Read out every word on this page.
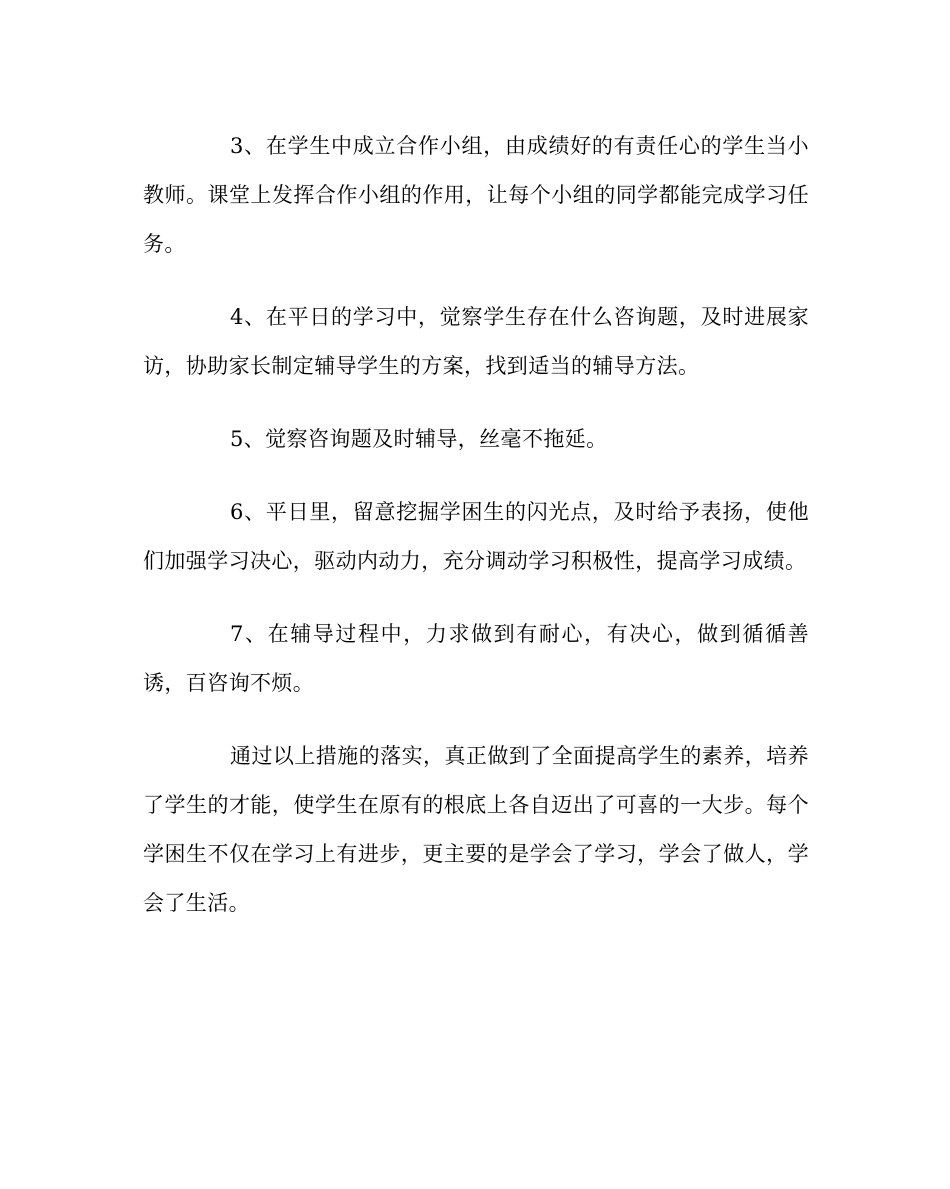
3、在学生中成立合作小组，由成绩好的有责任心的学生当小教师。课堂上发挥合作小组的作用，让每个小组的同学都能完成学习任务。

4、在平日的学习中，觉察学生存在什么咨询题，及时进展家访，协助家长制定辅导学生的方案，找到适当的辅导方法。

5、觉察咨询题及时辅导，丝毫不拖延。

6、平日里，留意挖掘学困生的闪光点，及时给予表扬，使他们加强学习决心，驱动内动力，充分调动学习积极性，提高学习成绩。

7、在辅导过程中，力求做到有耐心，有决心，做到循循善诱，百咨询不烦。

通过以上措施的落实，真正做到了全面提高学生的素养，培养了学生的才能，使学生在原有的根底上各自迈出了可喜的一大步。每个学困生不仅在学习上有进步，更主要的是学会了学习，学会了做人，学会了生活。
